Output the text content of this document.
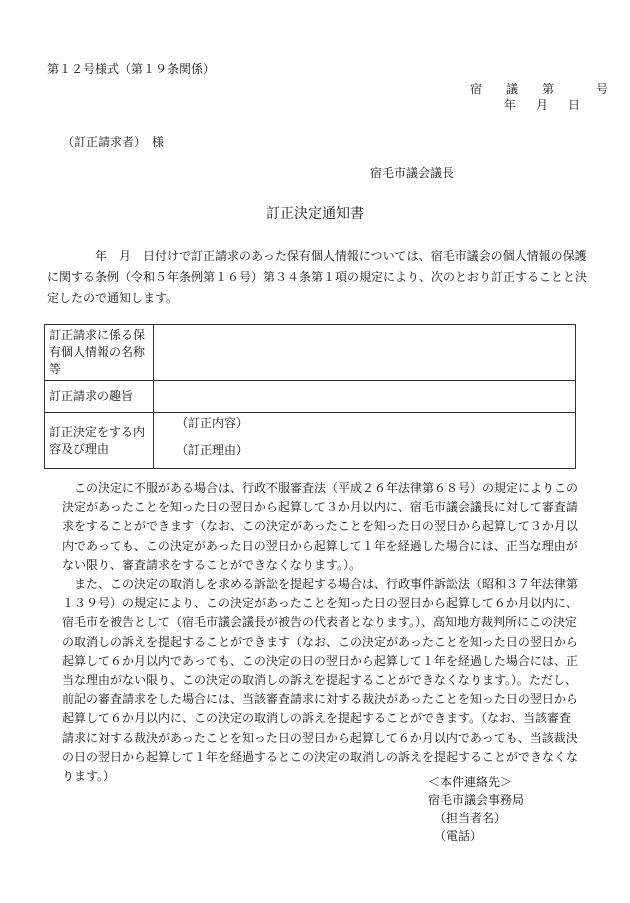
第１２号様式（第１９条関係）
宿　議　第　　号
年　月　日
（訂正請求者）　様
宿毛市議会議長
訂正決定通知書
年　月　日付けで訂正請求のあった保有個人情報については、宿毛市議会の個人情報の保護に関する条例（令和５年条例第１６号）第３４条第１項の規定により、次のとおり訂正することと決定したので通知します。
訂正請求に係る保有個人情報の名称等	
訂正請求の趣旨	
訂正決定をする内容及び理由	（訂正内容）
（訂正理由）

この決定に不服がある場合は、行政不服審査法（平成２６年法律第６８号）の規定によりこの決定があったことを知った日の翌日から起算して３か月以内に、宿毛市議会議長に対して審査請求をすることができます（なお、この決定があったことを知った日の翌日から起算して３か月以内であっても、この決定があった日の翌日から起算して１年を経過した場合には、正当な理由がない限り、審査請求をすることができなくなります。）。

また、この決定の取消しを求める訴訟を提起する場合は、行政事件訴訟法（昭和３７年法律第１３９号）の規定により、この決定があったことを知った日の翌日から起算して６か月以内に、宿毛市を被告として（宿毛市議会議長が被告の代表者となります。）、高知地方裁判所にこの決定の取消しの訴えを提起することができます（なお、この決定があったことを知った日の翌日から起算して６か月以内であっても、この決定の日の翌日から起算して１年を経過した場合には、正当な理由がない限り、この決定の取消しの訴えを提起することができなくなります。）。ただし、前記の審査請求をした場合には、当該審査請求に対する裁決があったことを知った日の翌日から起算して６か月以内に、この決定の取消しの訴えを提起することができます。（なお、当該審査請求に対する裁決があったことを知った日の翌日から起算して６か月以内であっても、当該裁決の日の翌日から起算して１年を経過するとこの決定の取消しの訴えを提起することができなくなります。）	＜本件連絡先＞
宿毛市議会事務局
（担当者名）
（電話）
